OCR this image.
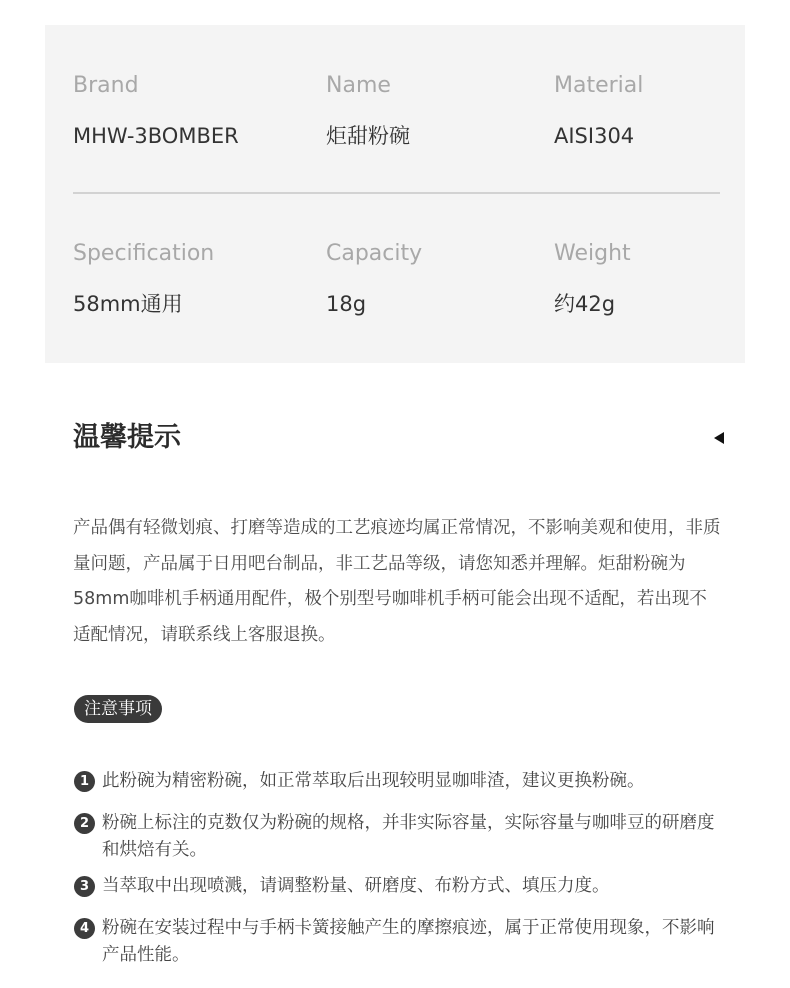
Brand
MHW-3BOMBER
Name
炬甜粉碗
Material
AISI304
Specification
58mm通用
Capacity
18g
Weight
约42g
温馨提示

产品偶有轻微划痕、打磨等造成的工艺痕迹均属正常情况，不影响美观和使用，非质量问题，产品属于日用吧台制品，非工艺品等级，请您知悉并理解。炬甜粉碗为58mm咖啡机手柄通用配件，极个别型号咖啡机手柄可能会出现不适配，若出现不适配情况，请联系线上客服退换。

注意事项
1 此粉碗为精密粉碗，如正常萃取后出现较明显咖啡渣，建议更换粉碗。
2 粉碗上标注的克数仅为粉碗的规格，并非实际容量，实际容量与咖啡豆的研磨度和烘焙有关。
3 当萃取中出现喷溅，请调整粉量、研磨度、布粉方式、填压力度。
4 粉碗在安装过程中与手柄卡簧接触产生的摩擦痕迹，属于正常使用现象，不影响产品性能。
